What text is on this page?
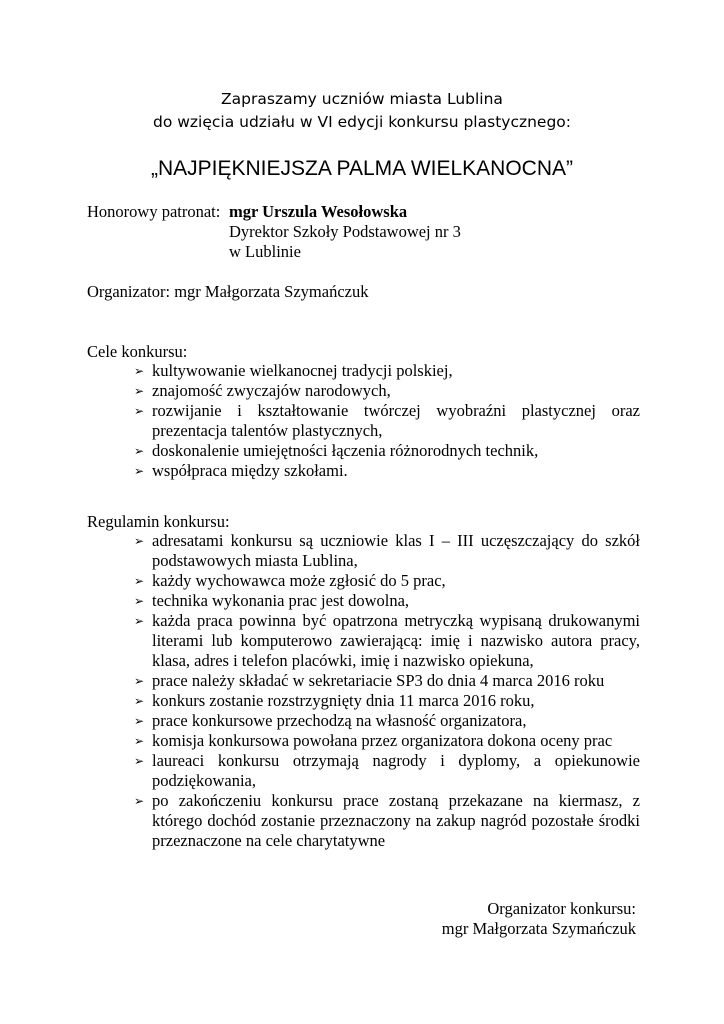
Zapraszamy uczniów miasta Lublina
do wzięcia udziału w VI edycji konkursu plastycznego:
„NAJPIĘKNIEJSZA PALMA WIELKANOCNA”
Honorowy patronat: mgr Urszula Wesołowska
Dyrektor Szkoły Podstawowej nr 3
w Lublinie
Organizator: mgr Małgorzata Szymańczuk
Cele konkursu:
➢ kultywowanie wielkanocnej tradycji polskiej,
➢ znajomość zwyczajów narodowych,
➢ rozwijanie i kształtowanie twórczej wyobraźni plastycznej oraz prezentacja talentów plastycznych,
➢ doskonalenie umiejętności łączenia różnorodnych technik,
➢ współpraca między szkołami.
Regulamin konkursu:
➢ adresatami konkursu są uczniowie klas I – III uczęszczający do szkół podstawowych miasta Lublina,
➢ każdy wychowawca może zgłosić do 5 prac,
➢ technika wykonania prac jest dowolna,
➢ każda praca powinna być opatrzona metryczką wypisaną drukowanymi literami lub komputerowo zawierającą: imię i nazwisko autora pracy, klasa, adres i telefon placówki, imię i nazwisko opiekuna,
➢ prace należy składać w sekretariacie SP3 do dnia 4 marca 2016 roku
➢ konkurs zostanie rozstrzygnięty dnia 11 marca 2016 roku,
➢ prace konkursowe przechodzą na własność organizatora,
➢ komisja konkursowa powołana przez organizatora dokona oceny prac
➢ laureaci konkursu otrzymają nagrody i dyplomy, a opiekunowie podziękowania,
➢ po zakończeniu konkursu prace zostaną przekazane na kiermasz, z którego dochód zostanie przeznaczony na zakup nagród pozostałe środki przeznaczone na cele charytatywne
Organizator konkursu:
mgr Małgorzata Szymańczuk
